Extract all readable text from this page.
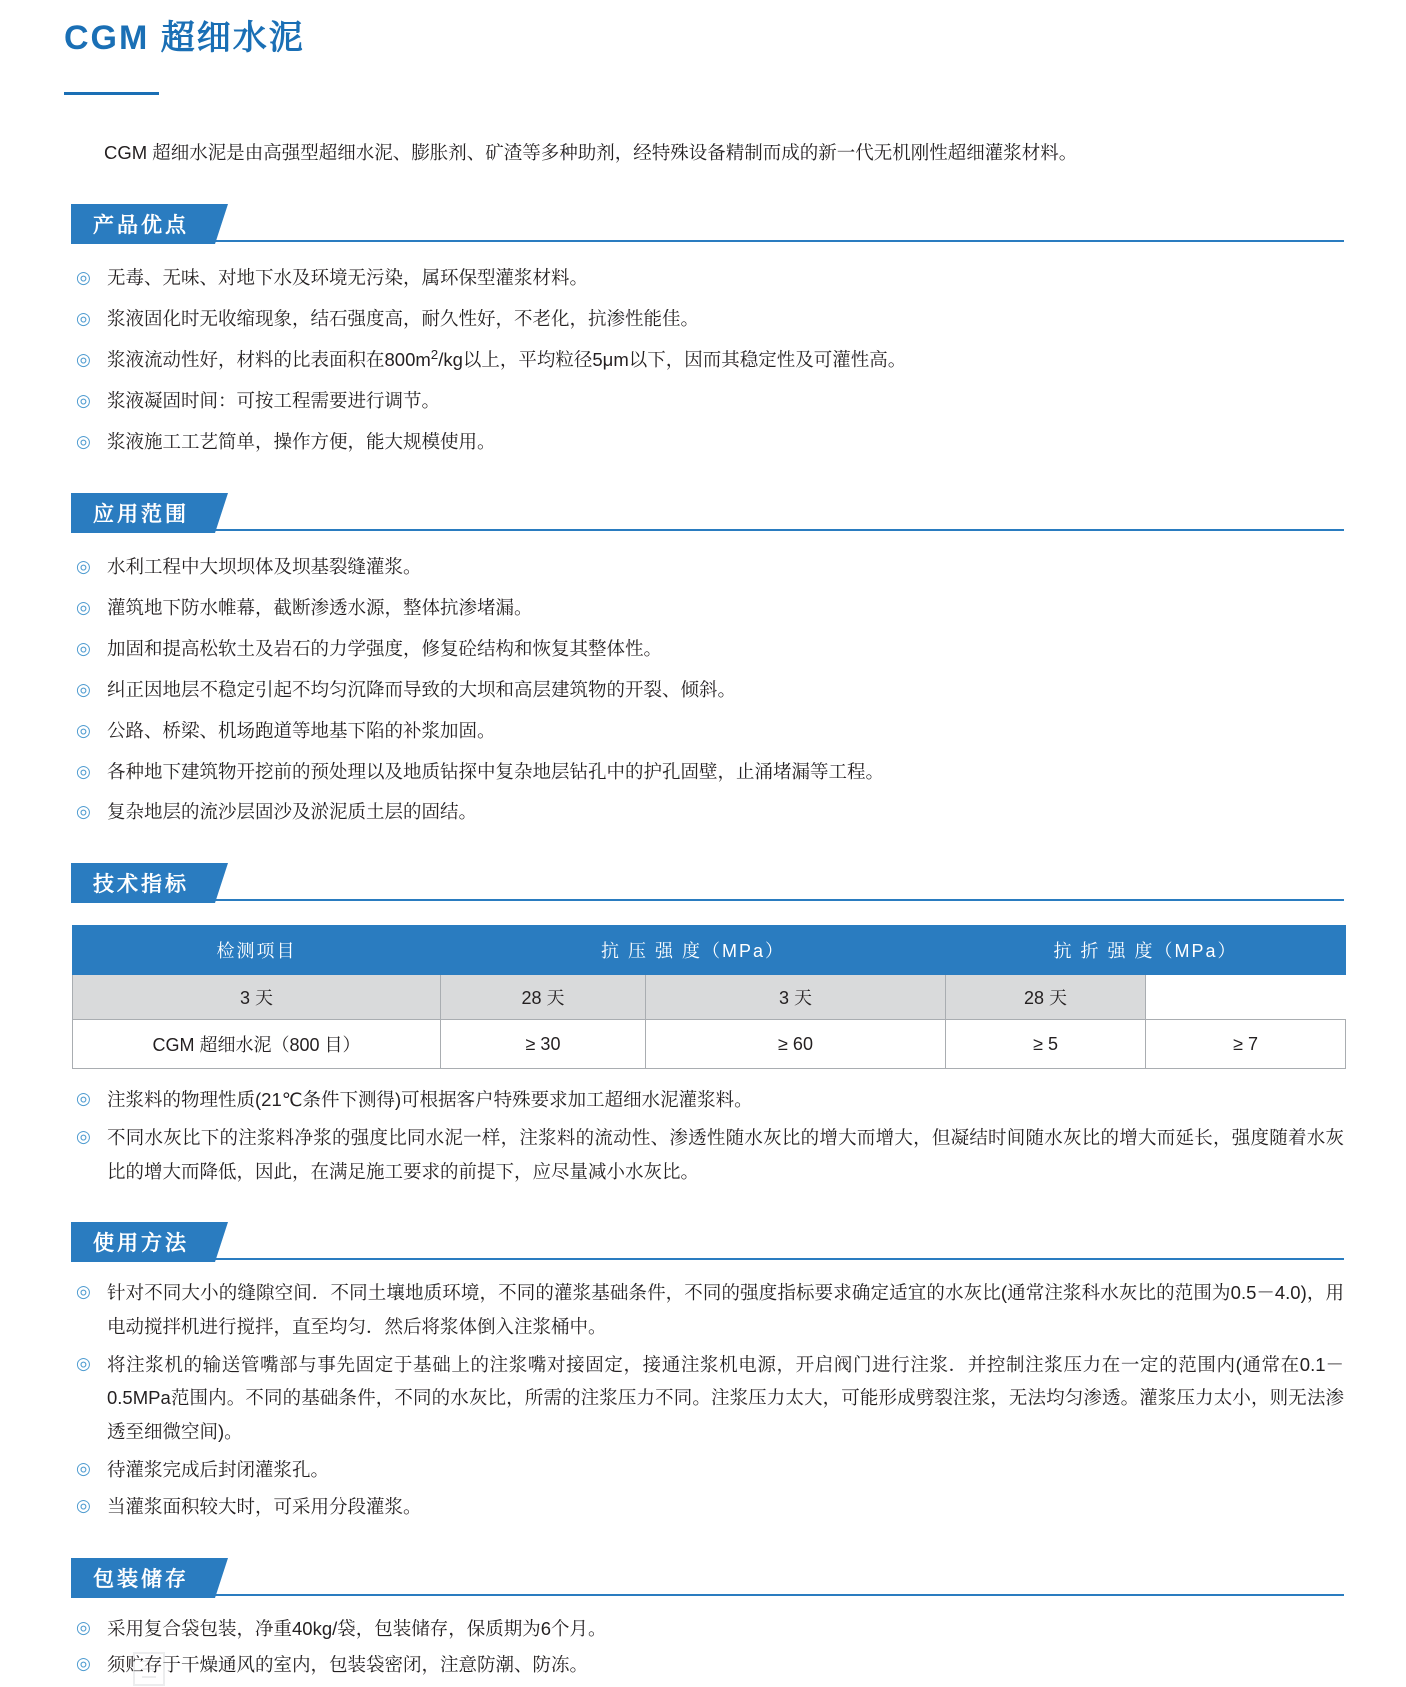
CGM 超细水泥

CGM 超细水泥是由高强型超细水泥、膨胀剂、矿渣等多种助剂，经特殊设备精制而成的新一代无机刚性超细灌浆材料。

产品优点
◎ 无毒、无味、对地下水及环境无污染，属环保型灌浆材料。
◎ 浆液固化时无收缩现象，结石强度高，耐久性好，不老化，抗渗性能佳。
◎ 浆液流动性好，材料的比表面积在$800m^2/kg$以上，平均粒径5μm以下，因而其稳定性及可灌性高。
◎ 浆液凝固时间：可按工程需要进行调节。
◎ 浆液施工工艺简单，操作方便，能大规模使用。
应用范围
◎ 水利工程中大坝坝体及坝基裂缝灌浆。
◎ 灌筑地下防水帷幕，截断渗透水源，整体抗渗堵漏。
◎ 加固和提高松软土及岩石的力学强度，修复砼结构和恢复其整体性。
◎ 纠正因地层不稳定引起不均匀沉降而导致的大坝和高层建筑物的开裂、倾斜。
◎ 公路、桥梁、机场跑道等地基下陷的补浆加固。
◎ 各种地下建筑物开挖前的预处理以及地质钻探中复杂地层钻孔中的护孔固壁，止涌堵漏等工程。
◎ 复杂地层的流沙层固沙及淤泥质土层的固结。
技术指标
检测项目	抗 压 强 度（MPa）		抗 折 强 度（MPa）	
3 天	28 天	3 天	28 天	
CGM 超细水泥（800 目）	≥ 30	≥ 60	≥ 5	≥ 7
◎ 注浆料的物理性质(21℃条件下测得)可根据客户特殊要求加工超细水泥灌浆料。
◎ 不同水灰比下的注浆料净浆的强度比同水泥一样，注浆料的流动性、渗透性随水灰比的增大而增大，但凝结时间随水灰比的增大而延长，强度随着水灰比的增大而降低，因此，在满足施工要求的前提下，应尽量减小水灰比。
使用方法
◎ 针对不同大小的缝隙空间．不同土壤地质环境，不同的灌浆基础条件，不同的强度指标要求确定适宜的水灰比(通常注浆科水灰比的范围为0.5－4.0)，用电动搅拌机进行搅拌，直至均匀．然后将浆体倒入注浆桶中。
◎ 将注浆机的输送管嘴部与事先固定于基础上的注浆嘴对接固定，接通注浆机电源，开启阀门进行注浆．并控制注浆压力在一定的范围内(通常在0.1－0.5MPa范围内。不同的基础条件，不同的水灰比，所需的注浆压力不同。注浆压力太大，可能形成劈裂注浆，无法均匀渗透。灌浆压力太小，则无法渗透至细微空间)。
◎ 待灌浆完成后封闭灌浆孔。
◎ 当灌浆面积较大时，可采用分段灌浆。
包装储存
◎ 采用复合袋包装，净重40kg/袋，包装储存，保质期为6个月。
◎ 须贮存于干燥通风的室内，包装袋密闭，注意防潮、防冻。
